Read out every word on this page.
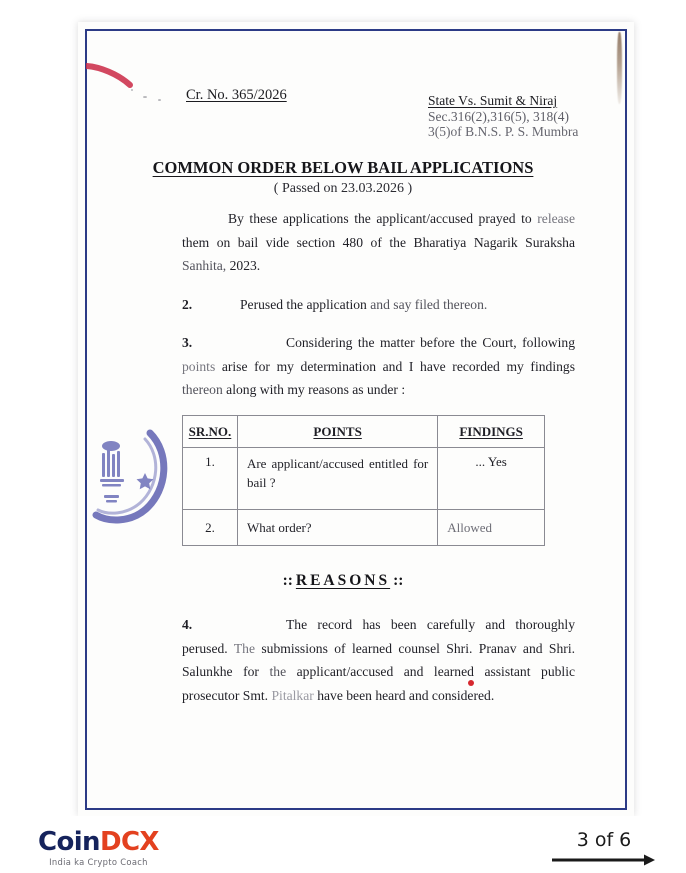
Cr. No. 365/2026	State Vs. Sumit & Niraj
Sec.316(2),316(5), 318(4)
3(5)of B.N.S. P. S. Mumbra
COMMON ORDER BELOW BAIL APPLICATIONS
( Passed on 23.03.2026 )
By these applications the applicant/accused prayed to release them on bail vide section 480 of the Bharatiya Nagarik Suraksha Sanhita, 2023.
2.	Perused the application and say filed thereon.
3.	Considering the matter before the Court, following points arise for my determination and I have recorded my findings thereon along with my reasons as under :
SR.NO.	POINTS	FINDINGS
1.	Are applicant/accused entitled for bail ?	... Yes
2.	What order?	Allowed
:: REASONS ::
4.	The record has been carefully and thoroughly perused. The submissions of learned counsel Shri. Pranav and Shri. Salunkhe for the applicant/accused and learned assistant public prosecutor Smt. Pitalkar have been heard and considered.
CoinDCX
India ka Crypto Coach
3 of 6
